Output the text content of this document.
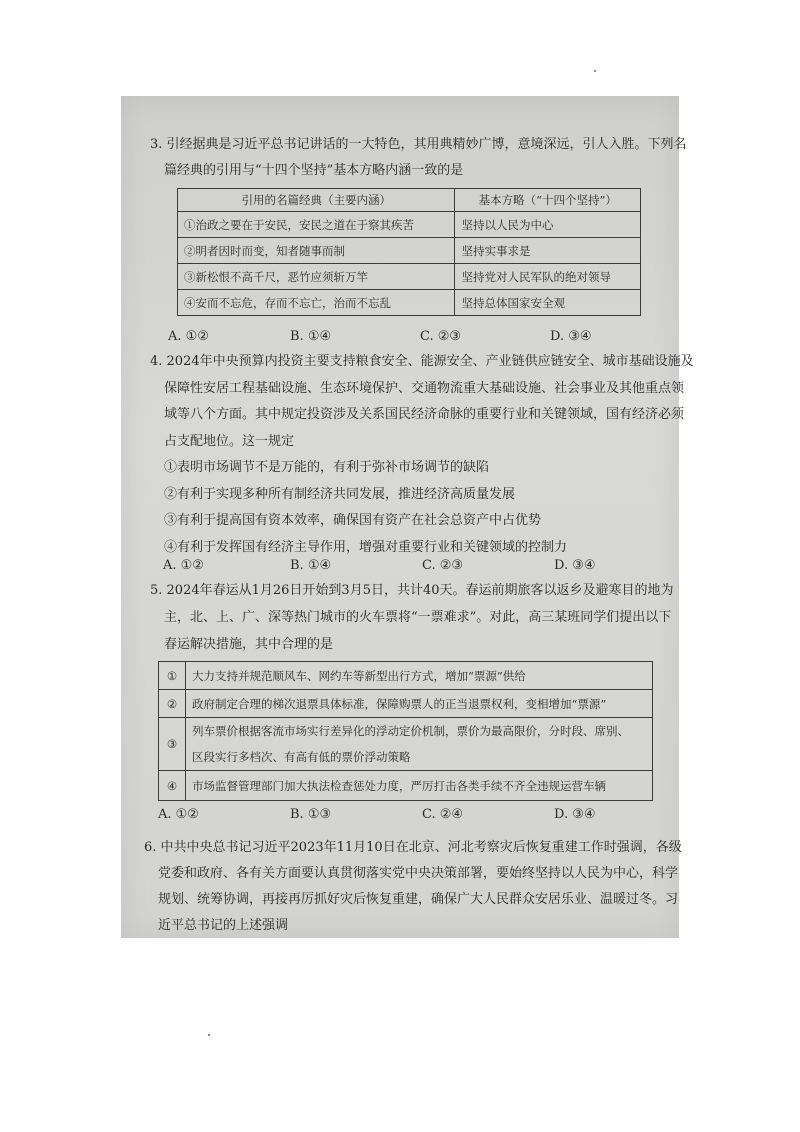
3. 引经据典是习近平总书记讲话的一大特色，其用典精妙广博，意境深远，引人入胜。下列名
篇经典的引用与“十四个坚持”基本方略内涵一致的是
引用的名篇经典（主要内涵）	基本方略（“十四个坚持”）
①治政之要在于安民，安民之道在于察其疾苦	坚持以人民为中心
②明者因时而变，知者随事而制	坚持实事求是
③新松恨不高千尺，恶竹应须斩万竿	坚持党对人民军队的绝对领导
④安而不忘危，存而不忘亡，治而不忘乱	坚持总体国家安全观
A. ①②	B. ①④	C. ②③	D. ③④
4. 2024年中央预算内投资主要支持粮食安全、能源安全、产业链供应链安全、城市基础设施及
保障性安居工程基础设施、生态环境保护、交通物流重大基础设施、社会事业及其他重点领
域等八个方面。其中规定投资涉及关系国民经济命脉的重要行业和关键领域，国有经济必须
占支配地位。这一规定
①表明市场调节不是万能的，有利于弥补市场调节的缺陷
②有利于实现多种所有制经济共同发展，推进经济高质量发展
③有利于提高国有资本效率，确保国有资产在社会总资产中占优势
④有利于发挥国有经济主导作用，增强对重要行业和关键领域的控制力
A. ①②	B. ①④	C. ②③	D. ③④
5. 2024年春运从1月26日开始到3月5日，共计40天。春运前期旅客以返乡及避寒目的地为
主，北、上、广、深等热门城市的火车票将“一票难求”。对此，高三某班同学们提出以下
春运解决措施，其中合理的是
①	大力支持并规范顺风车、网约车等新型出行方式，增加“票源”供给
②	政府制定合理的梯次退票具体标准，保障购票人的正当退票权利，变相增加“票源”
③	列车票价根据客流市场实行差异化的浮动定价机制，票价为最高限价，分时段、席别、
区段实行多档次、有高有低的票价浮动策略

④	市场监督管理部门加大执法检查惩处力度，严厉打击各类手续不齐全违规运营车辆
A. ①②	B. ①③	C. ②④	D. ③④
6. 中共中央总书记习近平2023年11月10日在北京、河北考察灾后恢复重建工作时强调，各级
党委和政府、各有关方面要认真贯彻落实党中央决策部署，要始终坚持以人民为中心，科学
规划、统筹协调，再接再厉抓好灾后恢复重建，确保广大人民群众安居乐业、温暖过冬。习
近平总书记的上述强调
